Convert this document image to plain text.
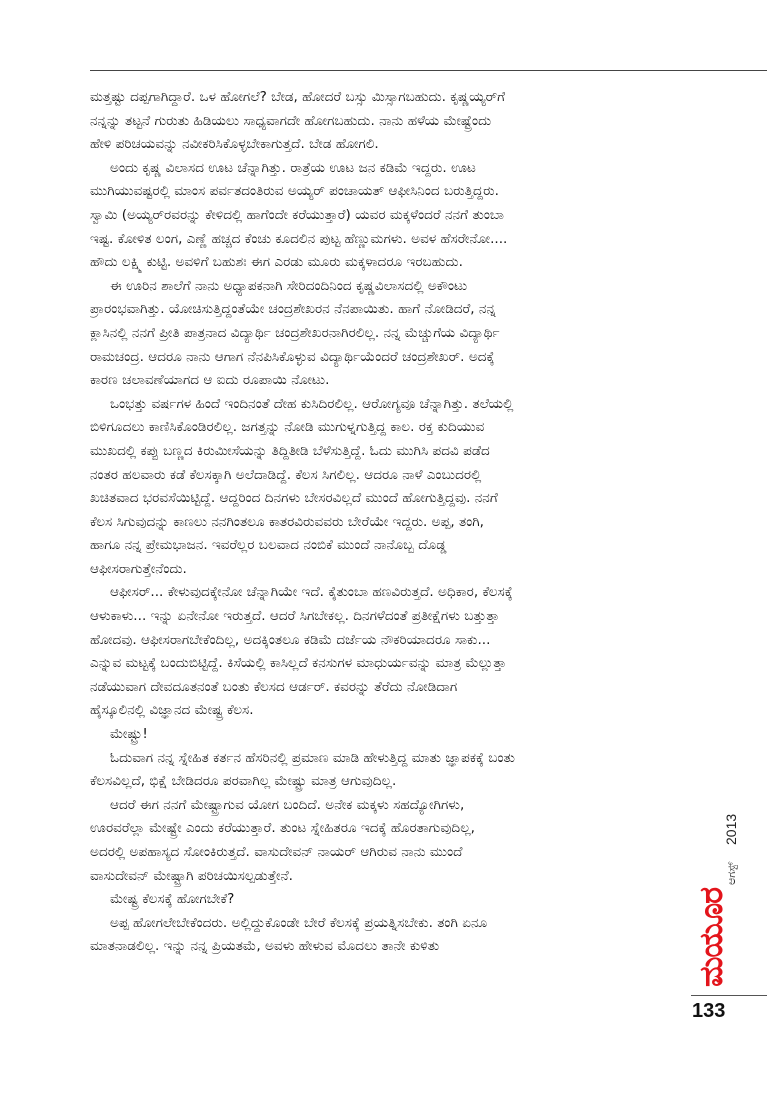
ಮತ್ತಷ್ಟು ದಪ್ಪಗಾಗಿದ್ದಾರೆ. ಒಳ ಹೋಗಲೆ? ಬೇಡ, ಹೋದರೆ ಬಸ್ಸು ಮಿಸ್ಸಾಗಬಹುದು. ಕೃಷ್ಣಯ್ಯರ್‌ಗೆ
ನನ್ನನ್ನು ತಟ್ಟನೆ ಗುರುತು ಹಿಡಿಯಲು ಸಾಧ್ಯವಾಗದೇ ಹೋಗಬಹುದು. ನಾನು ಹಳೆಯ ಮೇಷ್ಟ್ರೆಂದು
ಹೇಳಿ ಪರಿಚಯವನ್ನು ನವೀಕರಿಸಿಕೊಳ್ಳಬೇಕಾಗುತ್ತದೆ. ಬೇಡ ಹೋಗಲಿ.
ಅಂದು ಕೃಷ್ಣ ವಿಲಾಸದ ಊಟ ಚೆನ್ನಾಗಿತ್ತು. ರಾತ್ರೆಯ ಊಟ ಜನ ಕಡಿಮೆ ಇದ್ದರು. ಊಟ
ಮುಗಿಯುವಷ್ಟರಲ್ಲಿ ಮಾಂಸ ಪರ್ವತದಂತಿರುವ ಅಯ್ಯರ್ ಪಂಚಾಯತ್ ಆಫೀಸಿನಿಂದ ಬರುತ್ತಿದ್ದರು.
ಸ್ವಾಮಿ (ಅಯ್ಯರ್‌ರವರನ್ನು ಕೇಳಿದಲ್ಲಿ ಹಾಗೆಂದೇ ಕರೆಯುತ್ತಾರೆ) ಯವರ ಮಕ್ಕಳೆಂದರೆ ನನಗೆ ತುಂಬಾ
ಇಷ್ಟ. ಕೋಳಿತ ಲಂಗ, ಎಣ್ಣೆ ಹಚ್ಚದ ಕೆಂಚು ಕೂದಲಿನ ಪುಟ್ಟ ಹೆಣ್ಣುಮಗಳು. ಅವಳ ಹೆಸರೇನೋ....
ಹೌದು ಲಕ್ಷ್ಮಿ ಕುಟ್ಟಿ. ಅವಳಿಗೆ ಬಹುಶಃ ಈಗ ಎರಡು ಮೂರು ಮಕ್ಕಳಾದರೂ ಇರಬಹುದು.
ಈ ಊರಿನ ಶಾಲೆಗೆ ನಾನು ಅಧ್ಯಾಪಕನಾಗಿ ಸೇರಿದಂದಿನಿಂದ ಕೃಷ್ಣವಿಲಾಸದಲ್ಲಿ ಅಕೌಂಟು
ಪ್ರಾರಂಭವಾಗಿತ್ತು. ಯೋಚಿಸುತ್ತಿದ್ದಂತೆಯೇ ಚಂದ್ರಶೇಖರನ ನೆನಪಾಯಿತು. ಹಾಗೆ ನೋಡಿದರೆ, ನನ್ನ
ಕ್ಲಾಸಿನಲ್ಲಿ ನನಗೆ ಪ್ರೀತಿ ಪಾತ್ರನಾದ ವಿದ್ಯಾರ್ಥಿ ಚಂದ್ರಶೇಖರನಾಗಿರಲಿಲ್ಲ. ನನ್ನ ಮೆಚ್ಚುಗೆಯ ವಿದ್ಯಾರ್ಥಿ
ರಾಮಚಂದ್ರ. ಆದರೂ ನಾನು ಆಗಾಗ ನೆನಪಿಸಿಕೊಳ್ಳುವ ವಿದ್ಯಾರ್ಥಿಯೆಂದರೆ ಚಂದ್ರಶೇಖರ್. ಅದಕ್ಕೆ
ಕಾರಣ ಚಲಾವಣೆಯಾಗದ ಆ ಐದು ರೂಪಾಯಿ ನೋಟು.
ಒಂಭತ್ತು ವರ್ಷಗಳ ಹಿಂದೆ ಇಂದಿನಂತೆ ದೇಹ ಕುಸಿದಿರಲಿಲ್ಲ. ಆರೋಗ್ಯವೂ ಚೆನ್ನಾಗಿತ್ತು. ತಲೆಯಲ್ಲಿ
ಬಿಳಿಗೂದಲು ಕಾಣಿಸಿಕೊಂಡಿರಲಿಲ್ಲ. ಜಗತ್ತನ್ನು ನೋಡಿ ಮುಗುಳ್ನಗುತ್ತಿದ್ದ ಕಾಲ. ರಕ್ತ ಕುದಿಯುವ
ಮುಖದಲ್ಲಿ ಕಪ್ಪು ಬಣ್ಣದ ಕಿರುಮೀಸೆಯನ್ನು ತಿದ್ದಿತೀಡಿ ಬೆಳೆಸುತ್ತಿದ್ದೆ. ಓದು ಮುಗಿಸಿ ಪದವಿ ಪಡೆದ
ನಂತರ ಹಲವಾರು ಕಡೆ ಕೆಲಸಕ್ಕಾಗಿ ಅಲೆದಾಡಿದ್ದೆ. ಕೆಲಸ ಸಿಗಲಿಲ್ಲ. ಆದರೂ ನಾಳೆ ಎಂಬುದರಲ್ಲಿ
ಖಚಿತವಾದ ಭರವಸೆಯಿಟ್ಟಿದ್ದೆ. ಆದ್ದರಿಂದ ದಿನಗಳು ಬೇಸರವಿಲ್ಲದೆ ಮುಂದೆ ಹೋಗುತ್ತಿದ್ದವು. ನನಗೆ
ಕೆಲಸ ಸಿಗುವುದನ್ನು ಕಾಣಲು ನನಗಿಂತಲೂ ಕಾತರವಿರುವವರು ಬೇರೆಯೇ ಇದ್ದರು. ಅಪ್ಪ, ತಂಗಿ,
ಹಾಗೂ ನನ್ನ ಪ್ರೇಮಭಾಜನ. ಇವರೆಲ್ಲರ ಬಲವಾದ ನಂಬಿಕೆ ಮುಂದೆ ನಾನೊಬ್ಬ ದೊಡ್ಡ
ಆಫೀಸರಾಗುತ್ತೇನೆಂದು.
ಆಫೀಸರ್... ಕೇಳುವುದಕ್ಕೇನೋ ಚೆನ್ನಾಗಿಯೇ ಇದೆ. ಕೈತುಂಬಾ ಹಣವಿರುತ್ತದೆ. ಅಧಿಕಾರ, ಕೆಲಸಕ್ಕೆ
ಆಳುಕಾಳು... ಇನ್ನು ಏನೇನೋ ಇರುತ್ತದೆ. ಆದರೆ ಸಿಗಬೇಕಲ್ಲ. ದಿನಗಳೆದಂತೆ ಪ್ರತೀಕ್ಷೆಗಳು ಬತ್ತುತ್ತಾ
ಹೋದವು. ಆಫೀಸರಾಗಬೇಕೆಂದಿಲ್ಲ, ಅದಕ್ಕಿಂತಲೂ ಕಡಿಮೆ ದರ್ಜೆಯ ನೌಕರಿಯಾದರೂ ಸಾಕು...
ಎನ್ನುವ ಮಟ್ಟಕ್ಕೆ ಬಂದುಬಿಟ್ಟಿದ್ದೆ. ಕಿಸೆಯಲ್ಲಿ ಕಾಸಿಲ್ಲದೆ ಕನಸುಗಳ ಮಾಧುರ್ಯವನ್ನು ಮಾತ್ರ ಮೆಲ್ಲುತ್ತಾ
ನಡೆಯುವಾಗ ದೇವದೂತನಂತೆ ಬಂತು ಕೆಲಸದ ಆರ್ಡರ್. ಕವರನ್ನು ತೆರೆದು ನೋಡಿದಾಗ
ಹೈಸ್ಕೂಲಿನಲ್ಲಿ ವಿಜ್ಞಾನದ ಮೇಷ್ಟ್ರ ಕೆಲಸ.
ಮೇಷ್ಟ್ರು!
ಓದುವಾಗ ನನ್ನ ಸ್ನೇಹಿತ ಕರ್ತನ ಹೆಸರಿನಲ್ಲಿ ಪ್ರಮಾಣ ಮಾಡಿ ಹೇಳುತ್ತಿದ್ದ ಮಾತು ಜ್ಞಾಪಕಕ್ಕೆ ಬಂತು
ಕೆಲಸವಿಲ್ಲದೆ, ಭಿಕ್ಷೆ ಬೇಡಿದರೂ ಪರವಾಗಿಲ್ಲ ಮೇಷ್ಟ್ರು ಮಾತ್ರ ಆಗುವುದಿಲ್ಲ.
ಆದರೆ ಈಗ ನನಗೆ ಮೇಷ್ಟ್ರಾಗುವ ಯೋಗ ಬಂದಿದೆ. ಅನೇಕ ಮಕ್ಕಳು ಸಹದ್ಯೋಗಿಗಳು,
ಊರವರೆಲ್ಲಾ ಮೇಷ್ಟ್ರೇ ಎಂದು ಕರೆಯುತ್ತಾರೆ. ತುಂಟ ಸ್ನೇಹಿತರೂ ಇದಕ್ಕೆ ಹೊರತಾಗುವುದಿಲ್ಲ,
ಅದರಲ್ಲಿ ಅಪಹಾಸ್ಯದ ಸೋಂಕಿರುತ್ತದೆ. ವಾಸುದೇವನ್ ನಾಯರ್ ಆಗಿರುವ ನಾನು ಮುಂದೆ
ವಾಸುದೇವನ್ ಮೇಷ್ಟ್ರಾಗಿ ಪರಿಚಯಿಸಲ್ಪಡುತ್ತೇನೆ.
ಮೇಷ್ಟ್ರ ಕೆಲಸಕ್ಕೆ ಹೋಗಬೇಕೆ?
ಅಪ್ಪ ಹೋಗಲೇಬೇಕೆಂದರು. ಅಲ್ಲಿದ್ದುಕೊಂಡೇ ಬೇರೆ ಕೆಲಸಕ್ಕೆ ಪ್ರಯತ್ನಿಸಬೇಕು. ತಂಗಿ ಏನೂ
ಮಾತನಾಡಲಿಲ್ಲ. ಇನ್ನು ನನ್ನ ಪ್ರಿಯತಮೆ, ಅವಳು ಹೇಳುವ ಮೊದಲು ತಾನೇ ಕುಳಿತು	ಮಯೂರ
ಆಗಸ್ಟ್
2013
133
